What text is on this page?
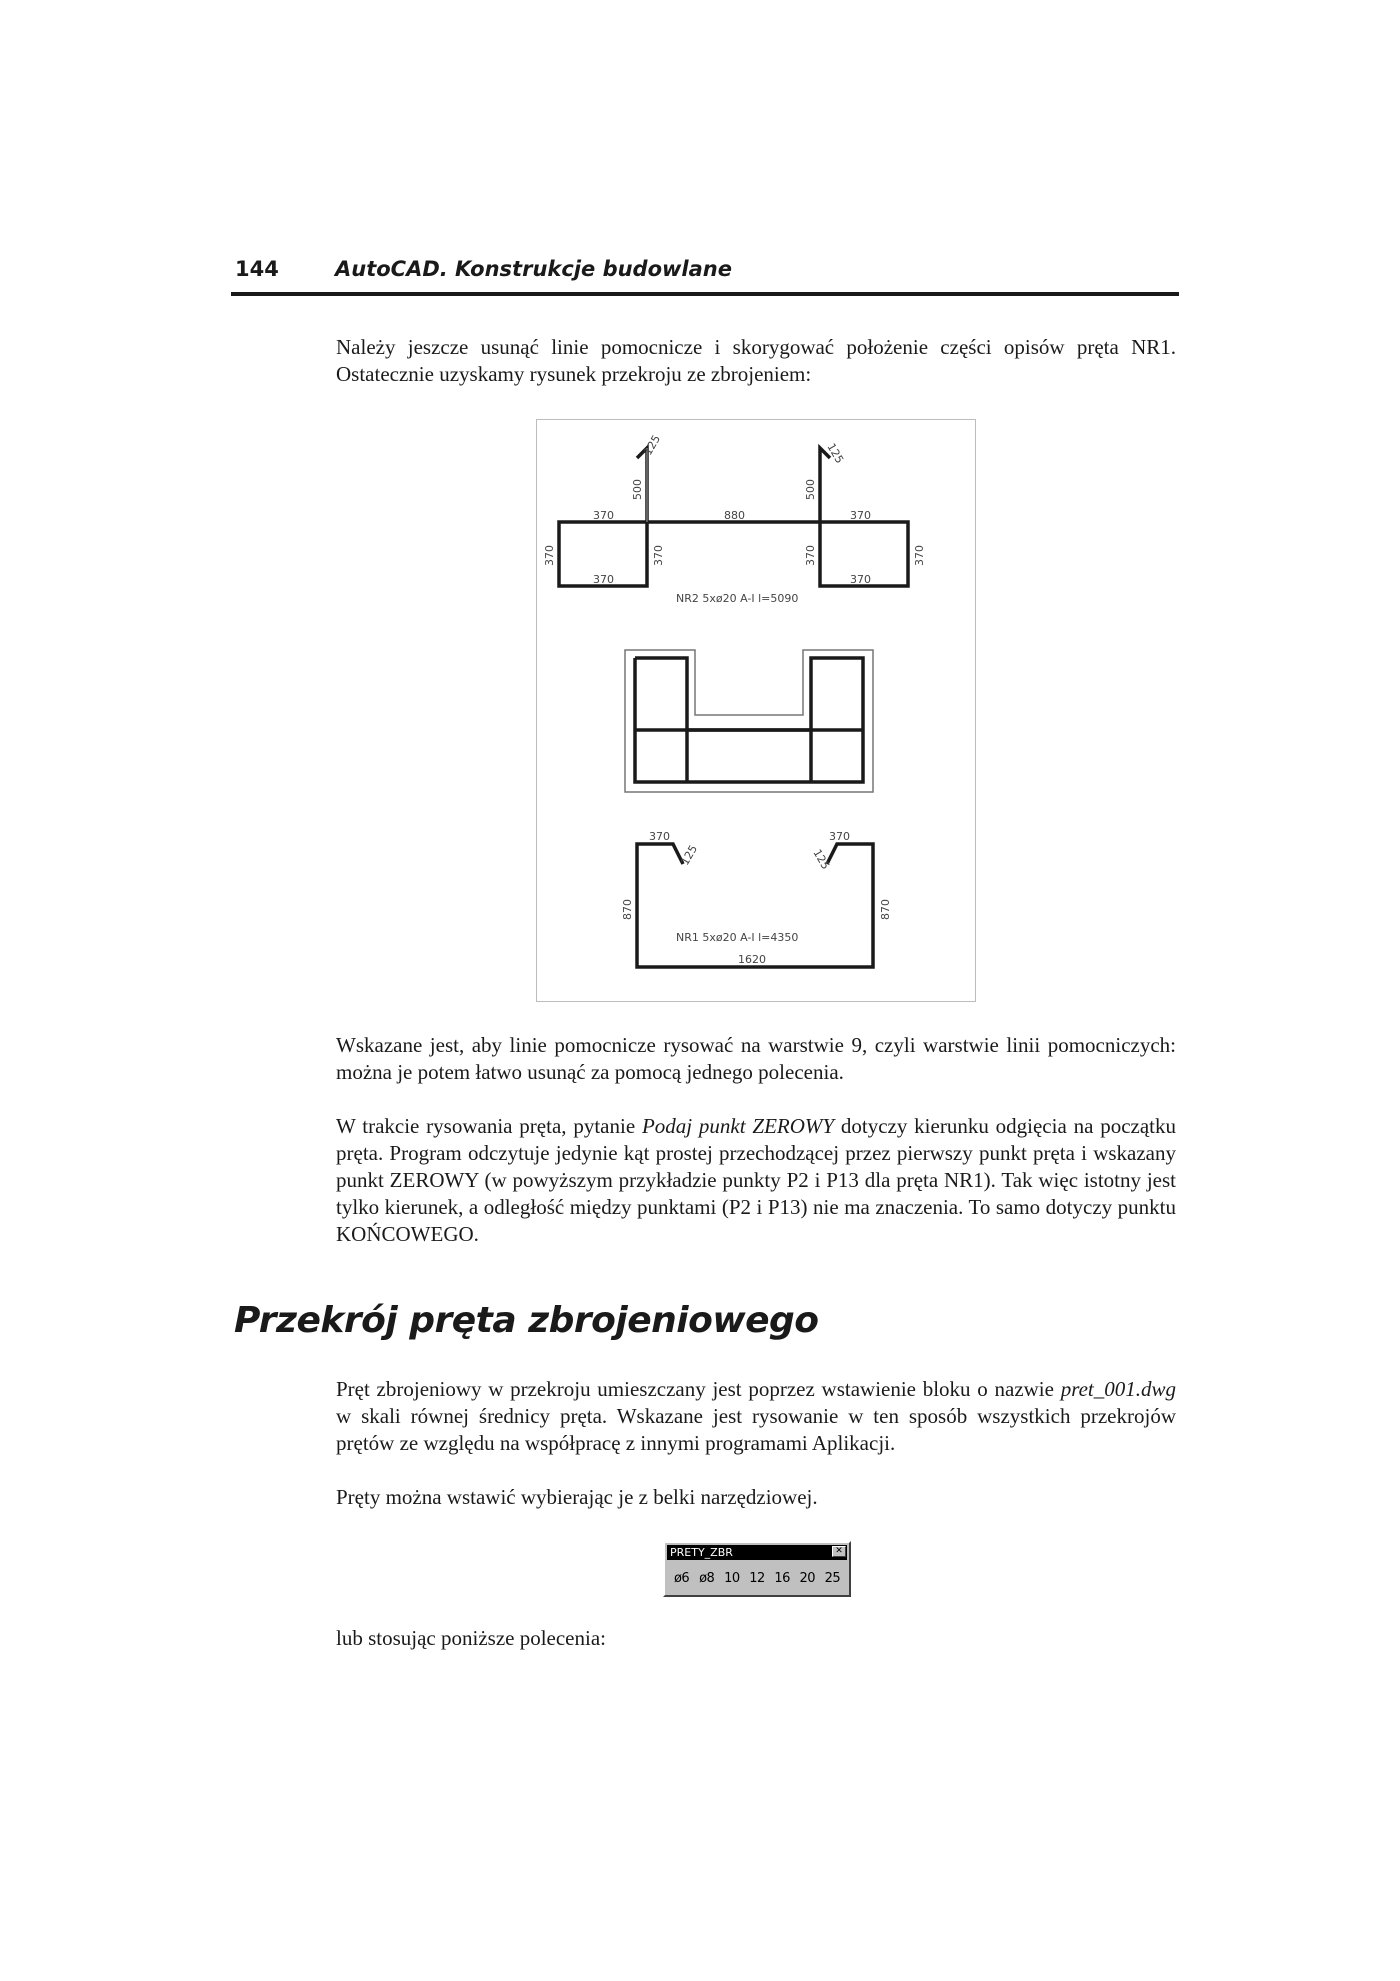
144	AutoCAD. Konstrukcje budowlane

Należy jeszcze usunąć linie pomocnicze i skorygować położenie części opisów pręta NR1. Ostatecznie uzyskamy rysunek przekroju ze zbrojeniem:

125	125
500	500
370	880	370
370	370	370	370
370	370
NR2 5xø20 A-I l=5090
370	370
125	125
870	870
NR1 5xø20 A-I l=4350
1620

Wskazane jest, aby linie pomocnicze rysować na warstwie 9, czyli warstwie linii pomocniczych: można je potem łatwo usunąć za pomocą jednego polecenia.

W trakcie rysowania pręta, pytanie Podaj punkt ZEROWY dotyczy kierunku odgięcia na początku pręta. Program odczytuje jedynie kąt prostej przechodzącej przez pierwszy punkt pręta i wskazany punkt ZEROWY (w powyższym przykładzie punkty P2 i P13 dla pręta NR1). Tak więc istotny jest tylko kierunek, a odległość między punktami (P2 i P13) nie ma znaczenia. To samo dotyczy punktu KOŃCOWEGO.

Przekrój pręta zbrojeniowego

Pręt zbrojeniowy w przekroju umieszczany jest poprzez wstawienie bloku o nazwie pret_001.dwg w skali równej średnicy pręta. Wskazane jest rysowanie w ten sposób wszystkich przekrojów prętów ze względu na współpracę z innymi programami Aplikacji.

Pręty można wstawić wybierając je z belki narzędziowej.

PRETY_ZBR	✕
ø6 ø8 10 12 16 20 25

lub stosując poniższe polecenia:
